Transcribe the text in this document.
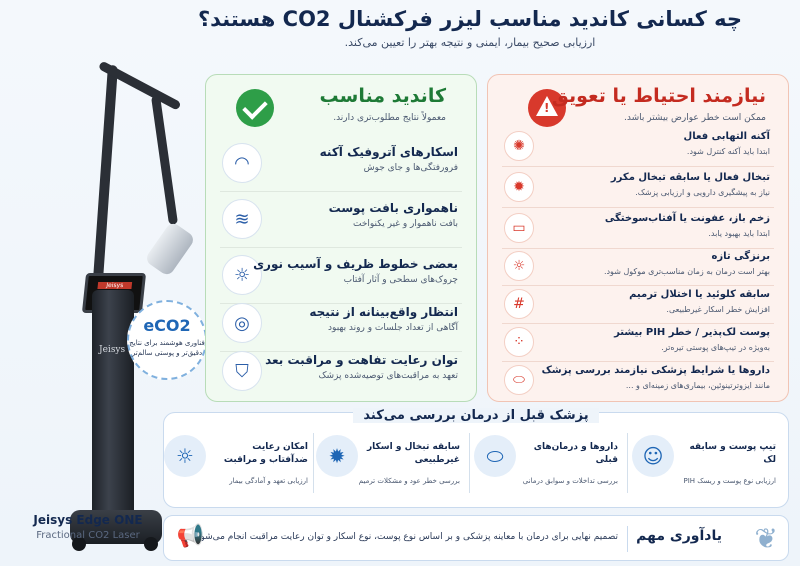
چه کسانی کاندید مناسب لیزر فرکشنال CO2 هستند؟

ارزیابی صحیح بیمار، ایمنی و نتیجه بهتر را تعیین می‌کند.

Jeisys
Jeisys
Jeisys Edge ONE
Fractional CO2 Laser
eCO2
فناوری هوشمند برای نتایج دقیق‌تر و پوستی سالم‌تر
کاندید مناسب
معمولاً نتایج مطلوب‌تری دارند.
◠
اسکارهای آتروفیک آکنه
فرورفتگی‌ها و جای جوش
≋
ناهمواری بافت پوست
بافت ناهموار و غیر یکنواخت
☼
بعضی خطوط ظریف و آسیب نوری
چروک‌های سطحی و آثار آفتاب
◎
انتظار واقع‌بینانه از نتیجه
آگاهی از تعداد جلسات و روند بهبود
⛉
توان رعایت تفاهت و مراقبت بعد
تعهد به مراقبت‌های توصیه‌شده پزشک
!
نیازمند احتیاط یا تعویق
ممکن است خطر عوارض بیشتر باشد.
✺
آکنه التهابی فعال
ابتدا باید آکنه کنترل شود.
✹
تبخال فعال یا سابقه تبخال مکرر
نیاز به پیشگیری دارویی و ارزیابی پزشک.
▭
زخم باز، عفونت یا آفتاب‌سوختگی
ابتدا باید بهبود یابد.
☼
برنزگی تازه
بهتر است درمان به زمان مناسب‌تری موکول شود.
#
سابقه کلوئید یا اختلال ترمیم
افزایش خطر اسکار غیرطبیعی.
⁘
پوست لک‌پذیر / خطر PIH بیشتر
به‌ویژه در تیپ‌های پوستی تیره‌تر.
⬭
داروها یا شرایط پزشکی نیازمند بررسی پزشک
مانند ایزوترتینوئین، بیماری‌های زمینه‌ای و ...
پزشک قبل از درمان بررسی می‌کند
☺	تیپ پوست و سابقه لک
ارزیابی نوع پوست و ریسک PIH
⬭	داروها و درمان‌های قبلی
بررسی تداخلات و سوابق درمانی
✹	سابقه تبخال و اسکار غیرطبیعی
بررسی خطر عود و مشکلات ترمیم
☼	امکان رعایت ضدآفتاب و مراقبت
ارزیابی تعهد و آمادگی بیمار
❦
یادآوری مهم
تصمیم نهایی برای درمان با معاینه پزشکی و بر اساس نوع پوست، نوع اسکار و توان رعایت مراقبت انجام می‌شود.
📢
